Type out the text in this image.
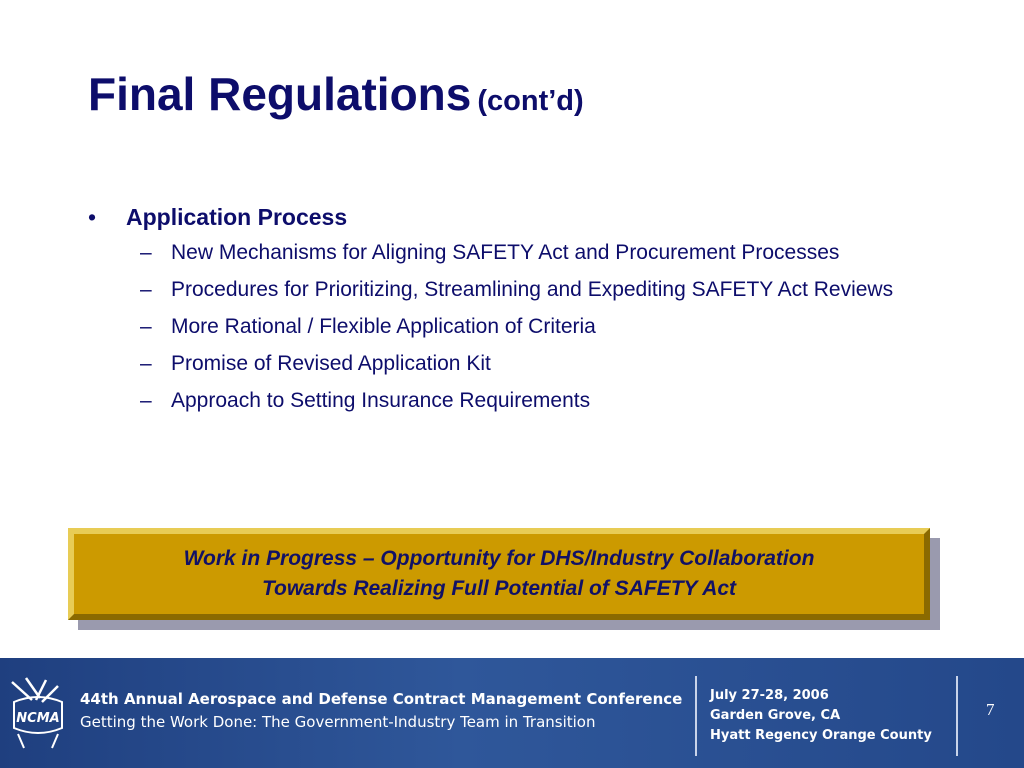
Final Regulations (cont’d)
• Application Process
– New Mechanisms for Aligning SAFETY Act and Procurement Processes
– Procedures for Prioritizing, Streamlining and Expediting SAFETY Act Reviews
– More Rational / Flexible Application of Criteria
– Promise of Revised Application Kit
– Approach to Setting Insurance Requirements
Work in Progress – Opportunity for DHS/Industry Collaboration
Towards Realizing Full Potential of SAFETY Act
NCMA
44th Annual Aerospace and Defense Contract Management Conference
Getting the Work Done: The Government-Industry Team in Transition
July 27-28, 2006
Garden Grove, CA
Hyatt Regency Orange County
7
